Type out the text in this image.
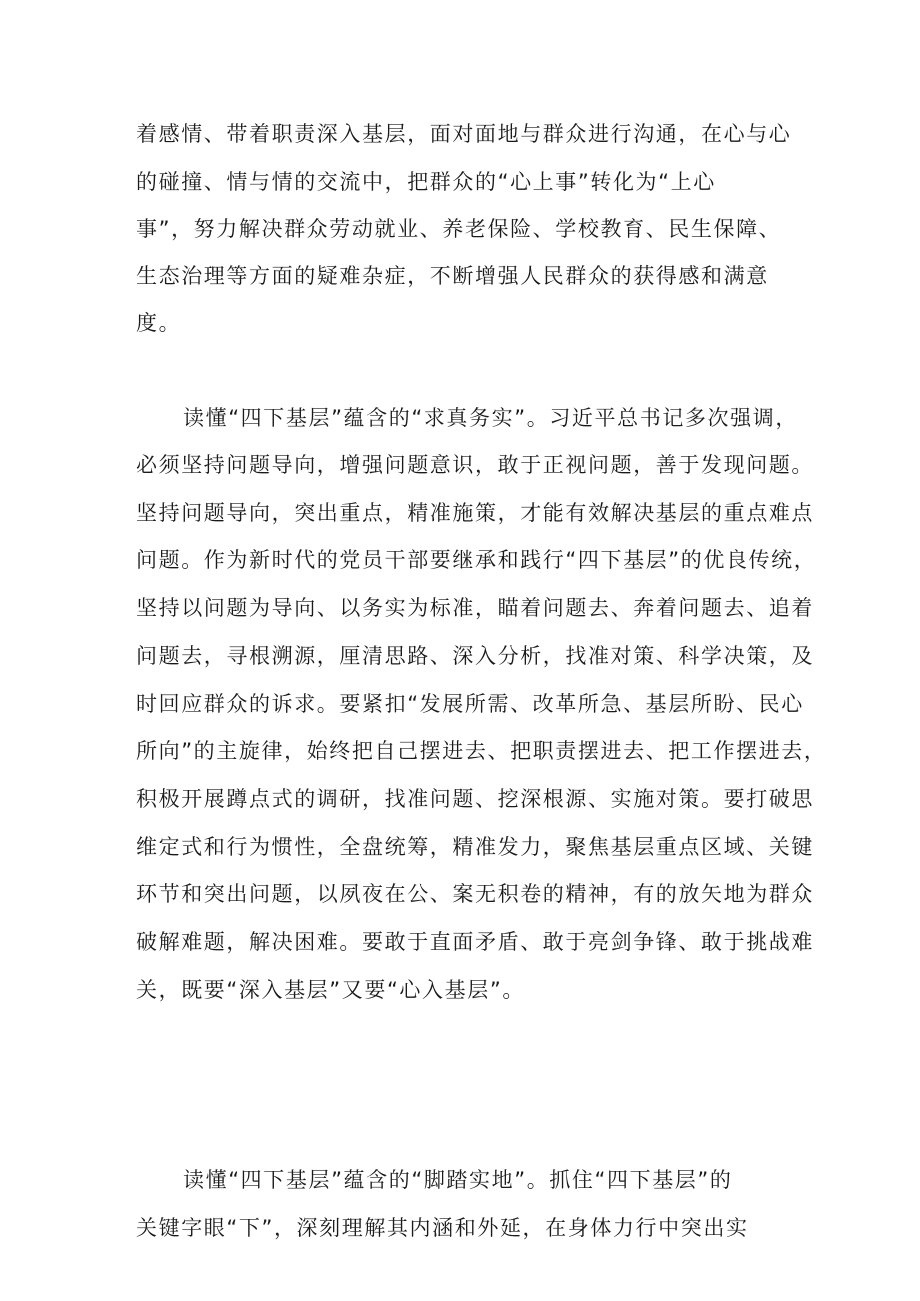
着感情、带着职责深入基层，面对面地与群众进行沟通，在心与心
的碰撞、情与情的交流中，把群众的“心上事”转化为“上心
事”，努力解决群众劳动就业、养老保险、学校教育、民生保障、
生态治理等方面的疑难杂症，不断增强人民群众的获得感和满意
度。
读懂“四下基层”蕴含的“求真务实”。习近平总书记多次强调，
必须坚持问题导向，增强问题意识，敢于正视问题，善于发现问题。
坚持问题导向，突出重点，精准施策，才能有效解决基层的重点难点
问题。作为新时代的党员干部要继承和践行“四下基层”的优良传统，
坚持以问题为导向、以务实为标准，瞄着问题去、奔着问题去、追着
问题去，寻根溯源，厘清思路、深入分析，找准对策、科学决策，及
时回应群众的诉求。要紧扣“发展所需、改革所急、基层所盼、民心
所向”的主旋律，始终把自己摆进去、把职责摆进去、把工作摆进去，
积极开展蹲点式的调研，找准问题、挖深根源、实施对策。要打破思
维定式和行为惯性，全盘统筹，精准发力，聚焦基层重点区域、关键
环节和突出问题，以夙夜在公、案无积卷的精神，有的放矢地为群众
破解难题，解决困难。要敢于直面矛盾、敢于亮剑争锋、敢于挑战难
关，既要“深入基层”又要“心入基层”。
读懂“四下基层”蕴含的“脚踏实地”。抓住“四下基层”的
关键字眼“下”，深刻理解其内涵和外延，在身体力行中突出实
